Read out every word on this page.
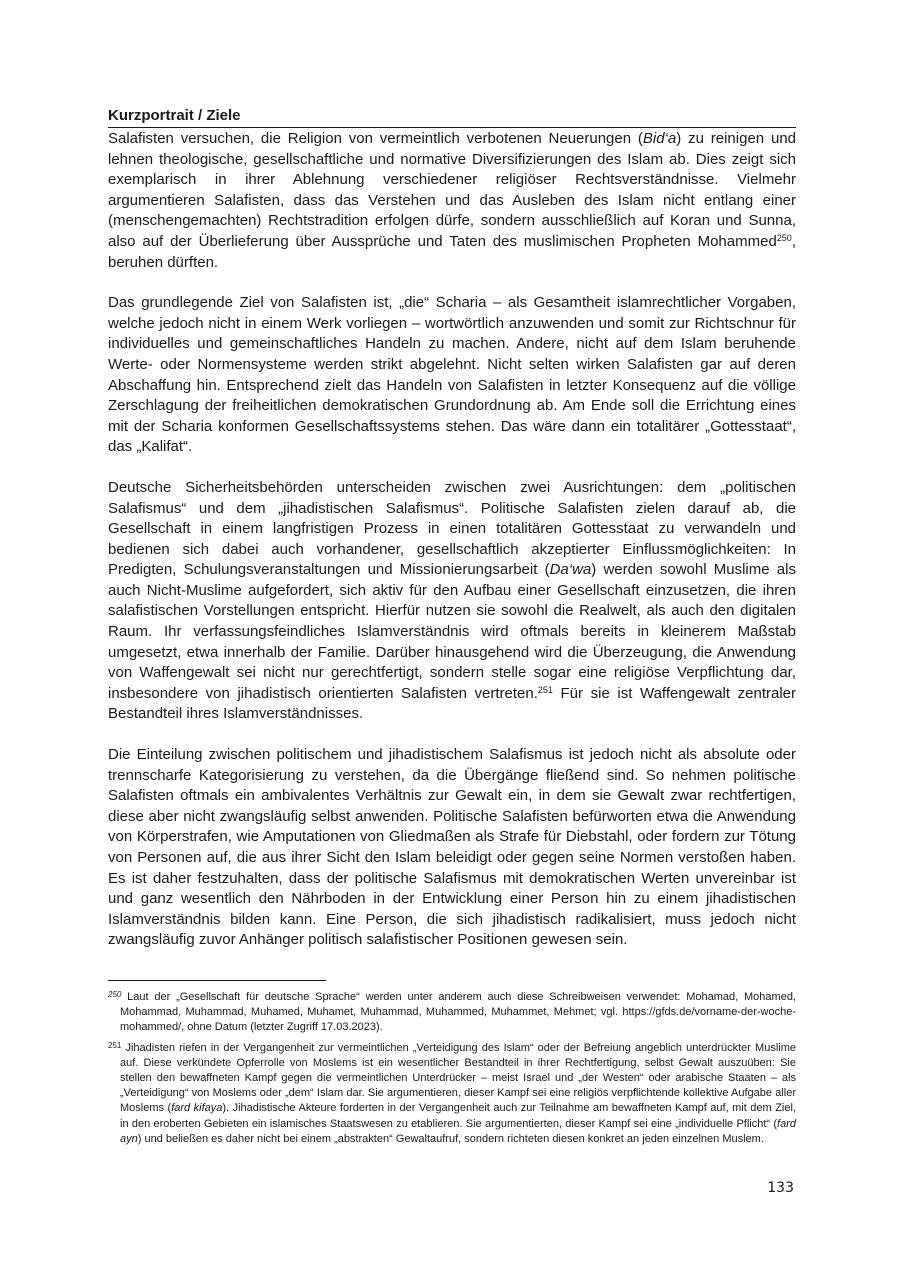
Kurzportrait / Ziele

Salafisten versuchen, die Religion von vermeintlich verbotenen Neuerungen (Bid‘a) zu reinigen und lehnen theologische, gesellschaftliche und normative Diversifizierungen des Islam ab. Dies zeigt sich exemplarisch in ihrer Ablehnung verschiedener religiöser Rechtsverständnisse. Vielmehr argumentieren Salafisten, dass das Verstehen und das Ausleben des Islam nicht entlang einer (menschengemachten) Rechtstradition erfolgen dürfe, sondern ausschließlich auf Koran und Sunna, also auf der Überlieferung über Aussprüche und Taten des muslimischen Propheten Mohammed$^{250}$, beruhen dürften.

Das grundlegende Ziel von Salafisten ist, „die“ Scharia – als Gesamtheit islamrechtlicher Vorgaben, welche jedoch nicht in einem Werk vorliegen – wortwörtlich anzuwenden und somit zur Richtschnur für individuelles und gemeinschaftliches Handeln zu machen. Andere, nicht auf dem Islam beruhende Werte- oder Normensysteme werden strikt abgelehnt. Nicht selten wirken Salafisten gar auf deren Abschaffung hin. Entsprechend zielt das Handeln von Salafisten in letzter Konsequenz auf die völlige Zerschlagung der freiheitlichen demokratischen Grundordnung ab. Am Ende soll die Errichtung eines mit der Scharia konformen Gesellschaftssystems stehen. Das wäre dann ein totalitärer „Gottesstaat“, das „Kalifat“.

Deutsche Sicherheitsbehörden unterscheiden zwischen zwei Ausrichtungen: dem „politischen Salafismus“ und dem „jihadistischen Salafismus“. Politische Salafisten zielen darauf ab, die Gesellschaft in einem langfristigen Prozess in einen totalitären Gottesstaat zu verwandeln und bedienen sich dabei auch vorhandener, gesellschaftlich akzeptierter Einflussmöglichkeiten: In Predigten, Schulungsveranstaltungen und Missionierungsarbeit (Da‘wa) werden sowohl Muslime als auch Nicht-Muslime aufgefordert, sich aktiv für den Aufbau einer Gesellschaft einzusetzen, die ihren salafistischen Vorstellungen entspricht. Hierfür nutzen sie sowohl die Realwelt, als auch den digitalen Raum. Ihr verfassungsfeindliches Islamverständnis wird oftmals bereits in kleinerem Maßstab umgesetzt, etwa innerhalb der Familie. Darüber hinausgehend wird die Überzeugung, die Anwendung von Waffengewalt sei nicht nur gerechtfertigt, sondern stelle sogar eine religiöse Verpflichtung dar, insbesondere von jihadistisch orientierten Salafisten vertreten.$^{251}$ Für sie ist Waffengewalt zentraler Bestandteil ihres Islamverständnisses.

Die Einteilung zwischen politischem und jihadistischem Salafismus ist jedoch nicht als absolute oder trennscharfe Kategorisierung zu verstehen, da die Übergänge fließend sind. So nehmen politische Salafisten oftmals ein ambivalentes Verhältnis zur Gewalt ein, in dem sie Gewalt zwar rechtfertigen, diese aber nicht zwangsläufig selbst anwenden. Politische Salafisten befürworten etwa die Anwendung von Körperstrafen, wie Amputationen von Gliedmaßen als Strafe für Diebstahl, oder fordern zur Tötung von Personen auf, die aus ihrer Sicht den Islam beleidigt oder gegen seine Normen verstoßen haben. Es ist daher festzuhalten, dass der politische Salafismus mit demokratischen Werten unvereinbar ist und ganz wesentlich den Nährboden in der Entwicklung einer Person hin zu einem jihadistischen Islamverständnis bilden kann. Eine Person, die sich jihadistisch radikalisiert, muss jedoch nicht zwangsläufig zuvor Anhänger politisch salafistischer Positionen gewesen sein.

$^{250}$ Laut der „Gesellschaft für deutsche Sprache“ werden unter anderem auch diese Schreibweisen verwendet: Mohamad, Mohamed, Mohammad, Muhammad, Muhamed, Muhamet, Muhammad, Muhammed, Muhammet, Mehmet; vgl. https://gfds.de/vorname-der-woche-mohammed/, ohne Datum (letzter Zugriff 17.03.2023).

$^{251}$ Jihadisten riefen in der Vergangenheit zur vermeintlichen „Verteidigung des Islam“ oder der Befreiung angeblich unterdrückter Muslime auf. Diese verkündete Opferrolle von Moslems ist ein wesentlicher Bestandteil in ihrer Rechtfertigung, selbst Gewalt auszuüben: Sie stellen den bewaffneten Kampf gegen die vermeintlichen Unterdrücker – meist Israel und „der Westen“ oder arabische Staaten – als „Verteidigung“ von Moslems oder „dem“ Islam dar. Sie argumentieren, dieser Kampf sei eine religiös verpflichtende kollektive Aufgabe aller Moslems (fard kifaya). Jihadistische Akteure forderten in der Vergangenheit auch zur Teilnahme am bewaffneten Kampf auf, mit dem Ziel, in den eroberten Gebieten ein islamisches Staatswesen zu etablieren. Sie argumentierten, dieser Kampf sei eine „individuelle Pflicht“ (fard ayn) und beließen es daher nicht bei einem „abstrakten“ Gewaltaufruf, sondern richteten diesen konkret an jeden einzelnen Muslem.

133
